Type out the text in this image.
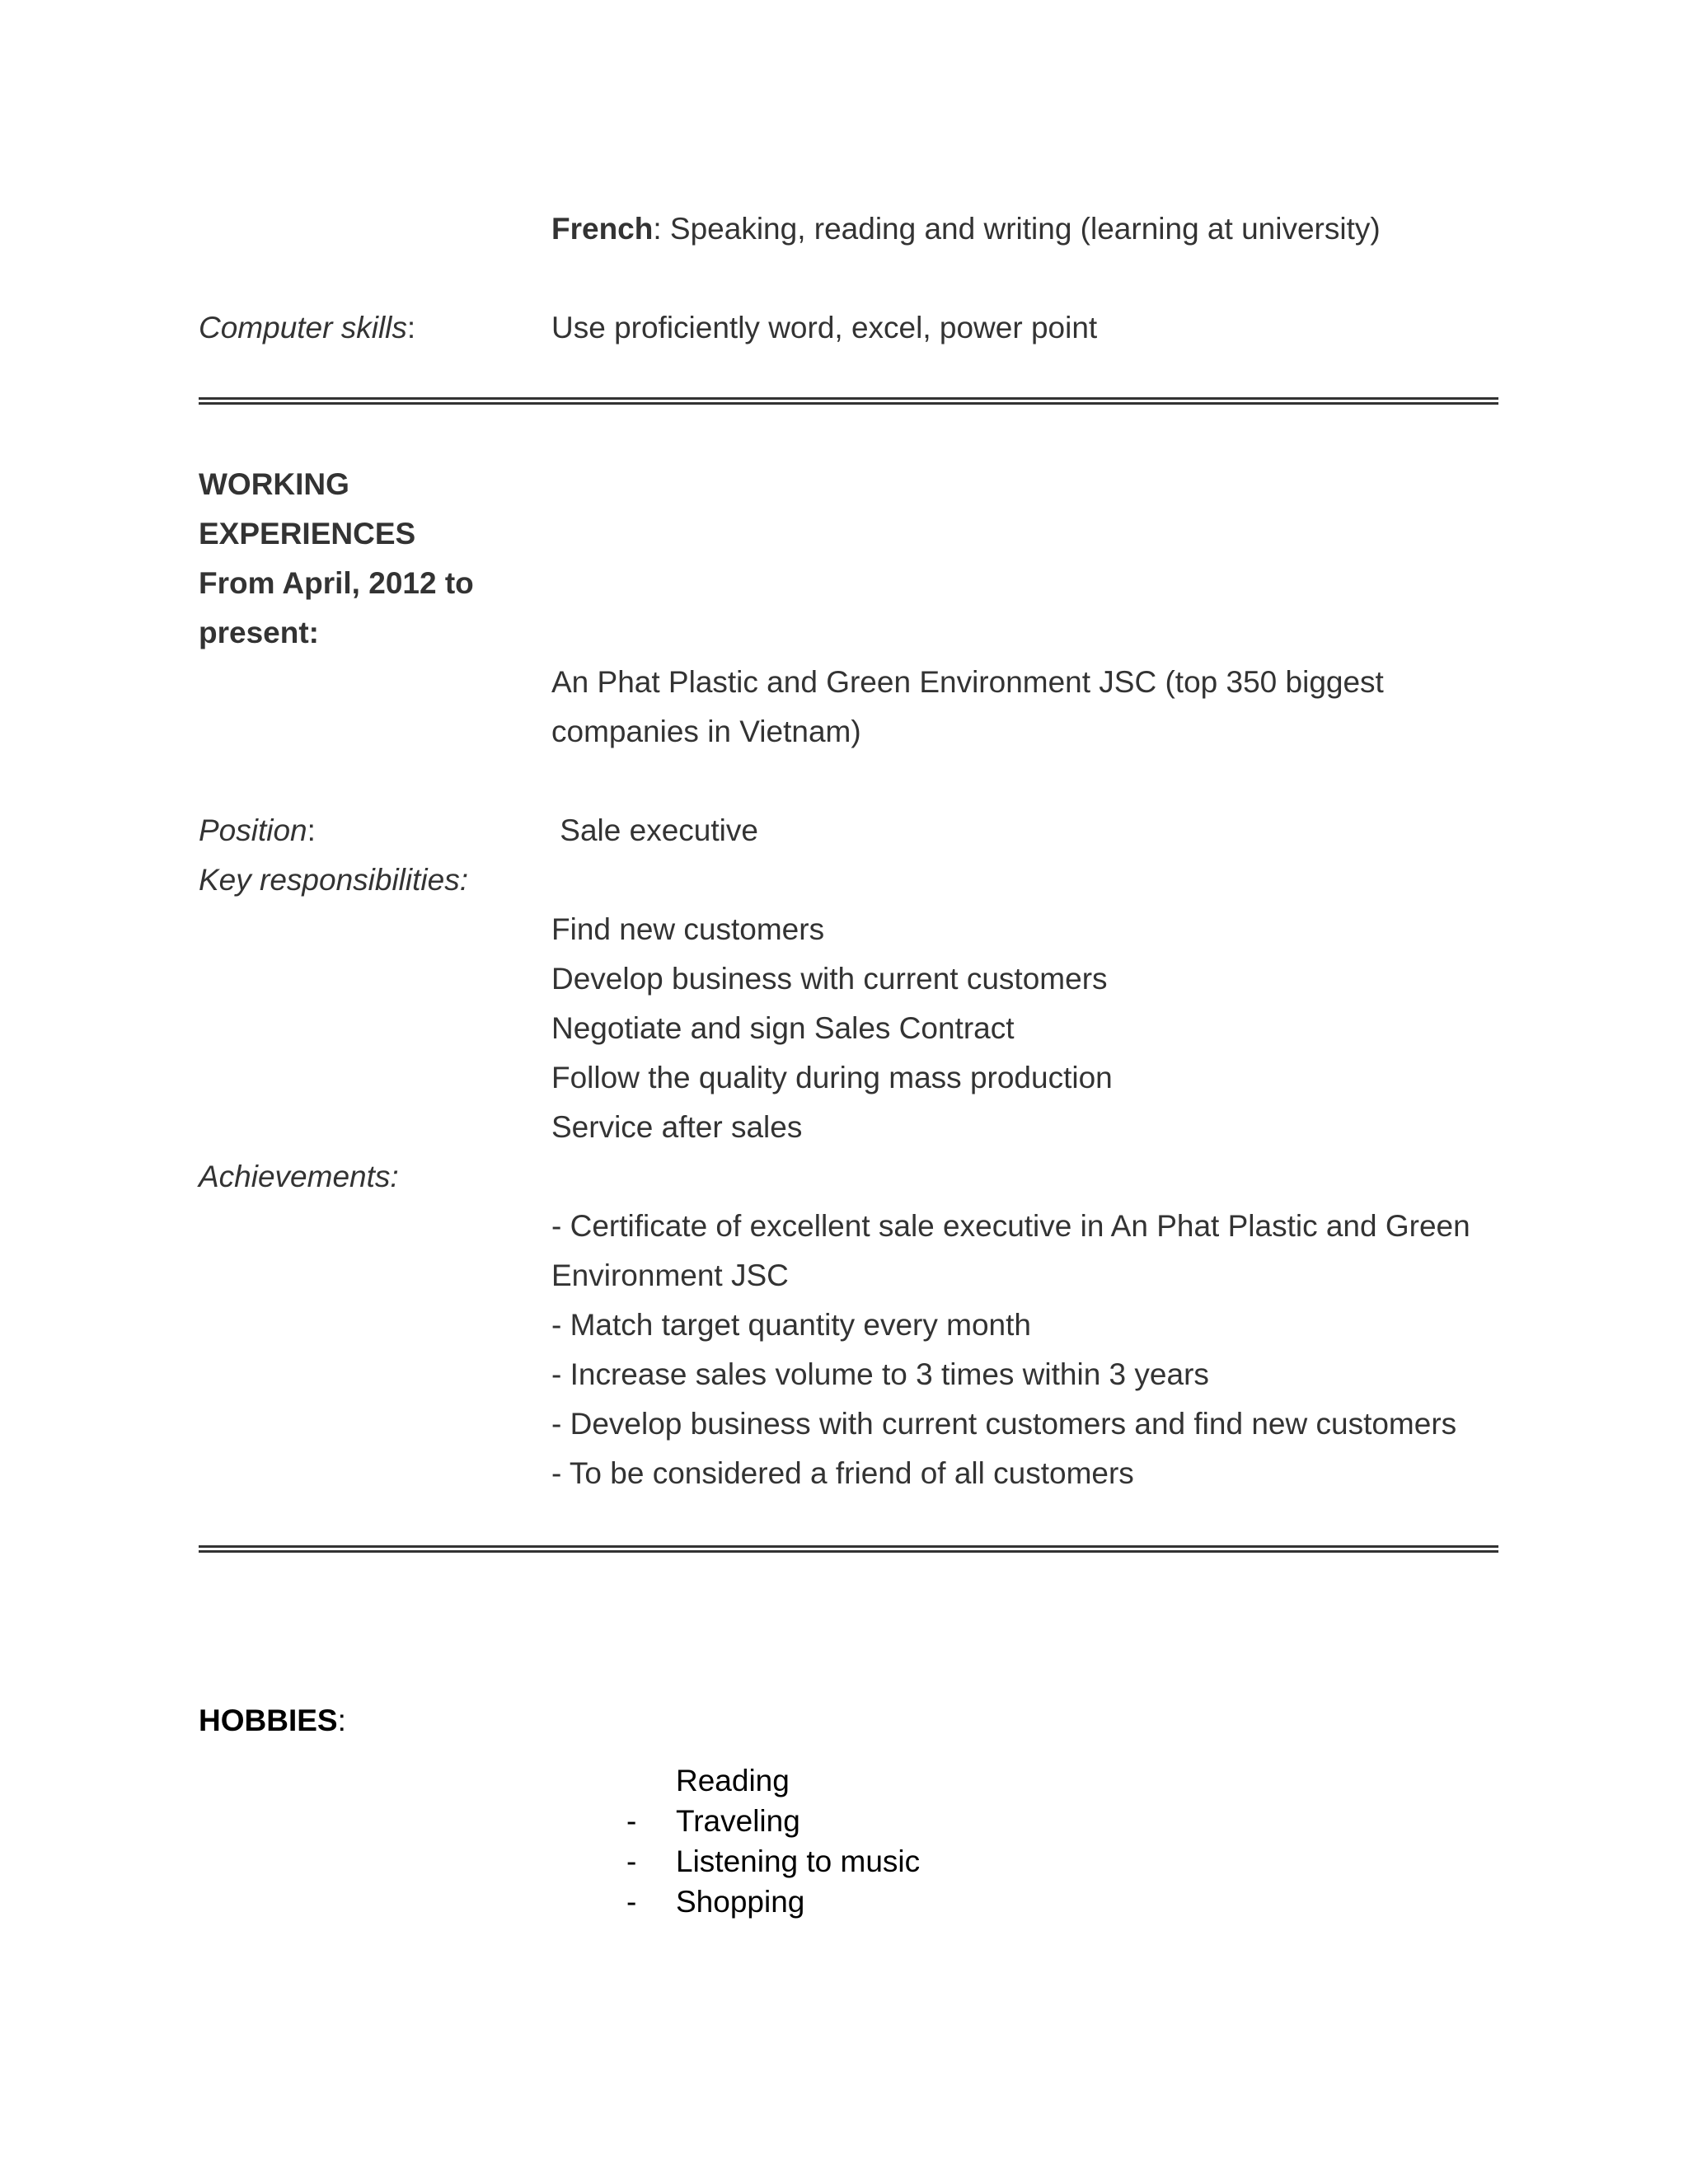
French: Speaking, reading and writing (learning at university)

Computer skills:	Use proficiently word, excel, power point

WORKING
EXPERIENCES
From April, 2012 to
present:

An Phat Plastic and Green Environment JSC (top 350 biggest

companies in Vietnam)

Position:	Sale executive

Key responsibilities:

Find new customers
Develop business with current customers
Negotiate and sign Sales Contract
Follow the quality during mass production
Service after sales

Achievements:

- Certificate of excellent sale executive in An Phat Plastic and Green
Environment JSC
- Match target quantity every month
- Increase sales volume to 3 times within 3 years
- Develop business with current customers and find new customers
- To be considered a friend of all customers

HOBBIES:

Reading
- Traveling
- Listening to music
- Shopping
